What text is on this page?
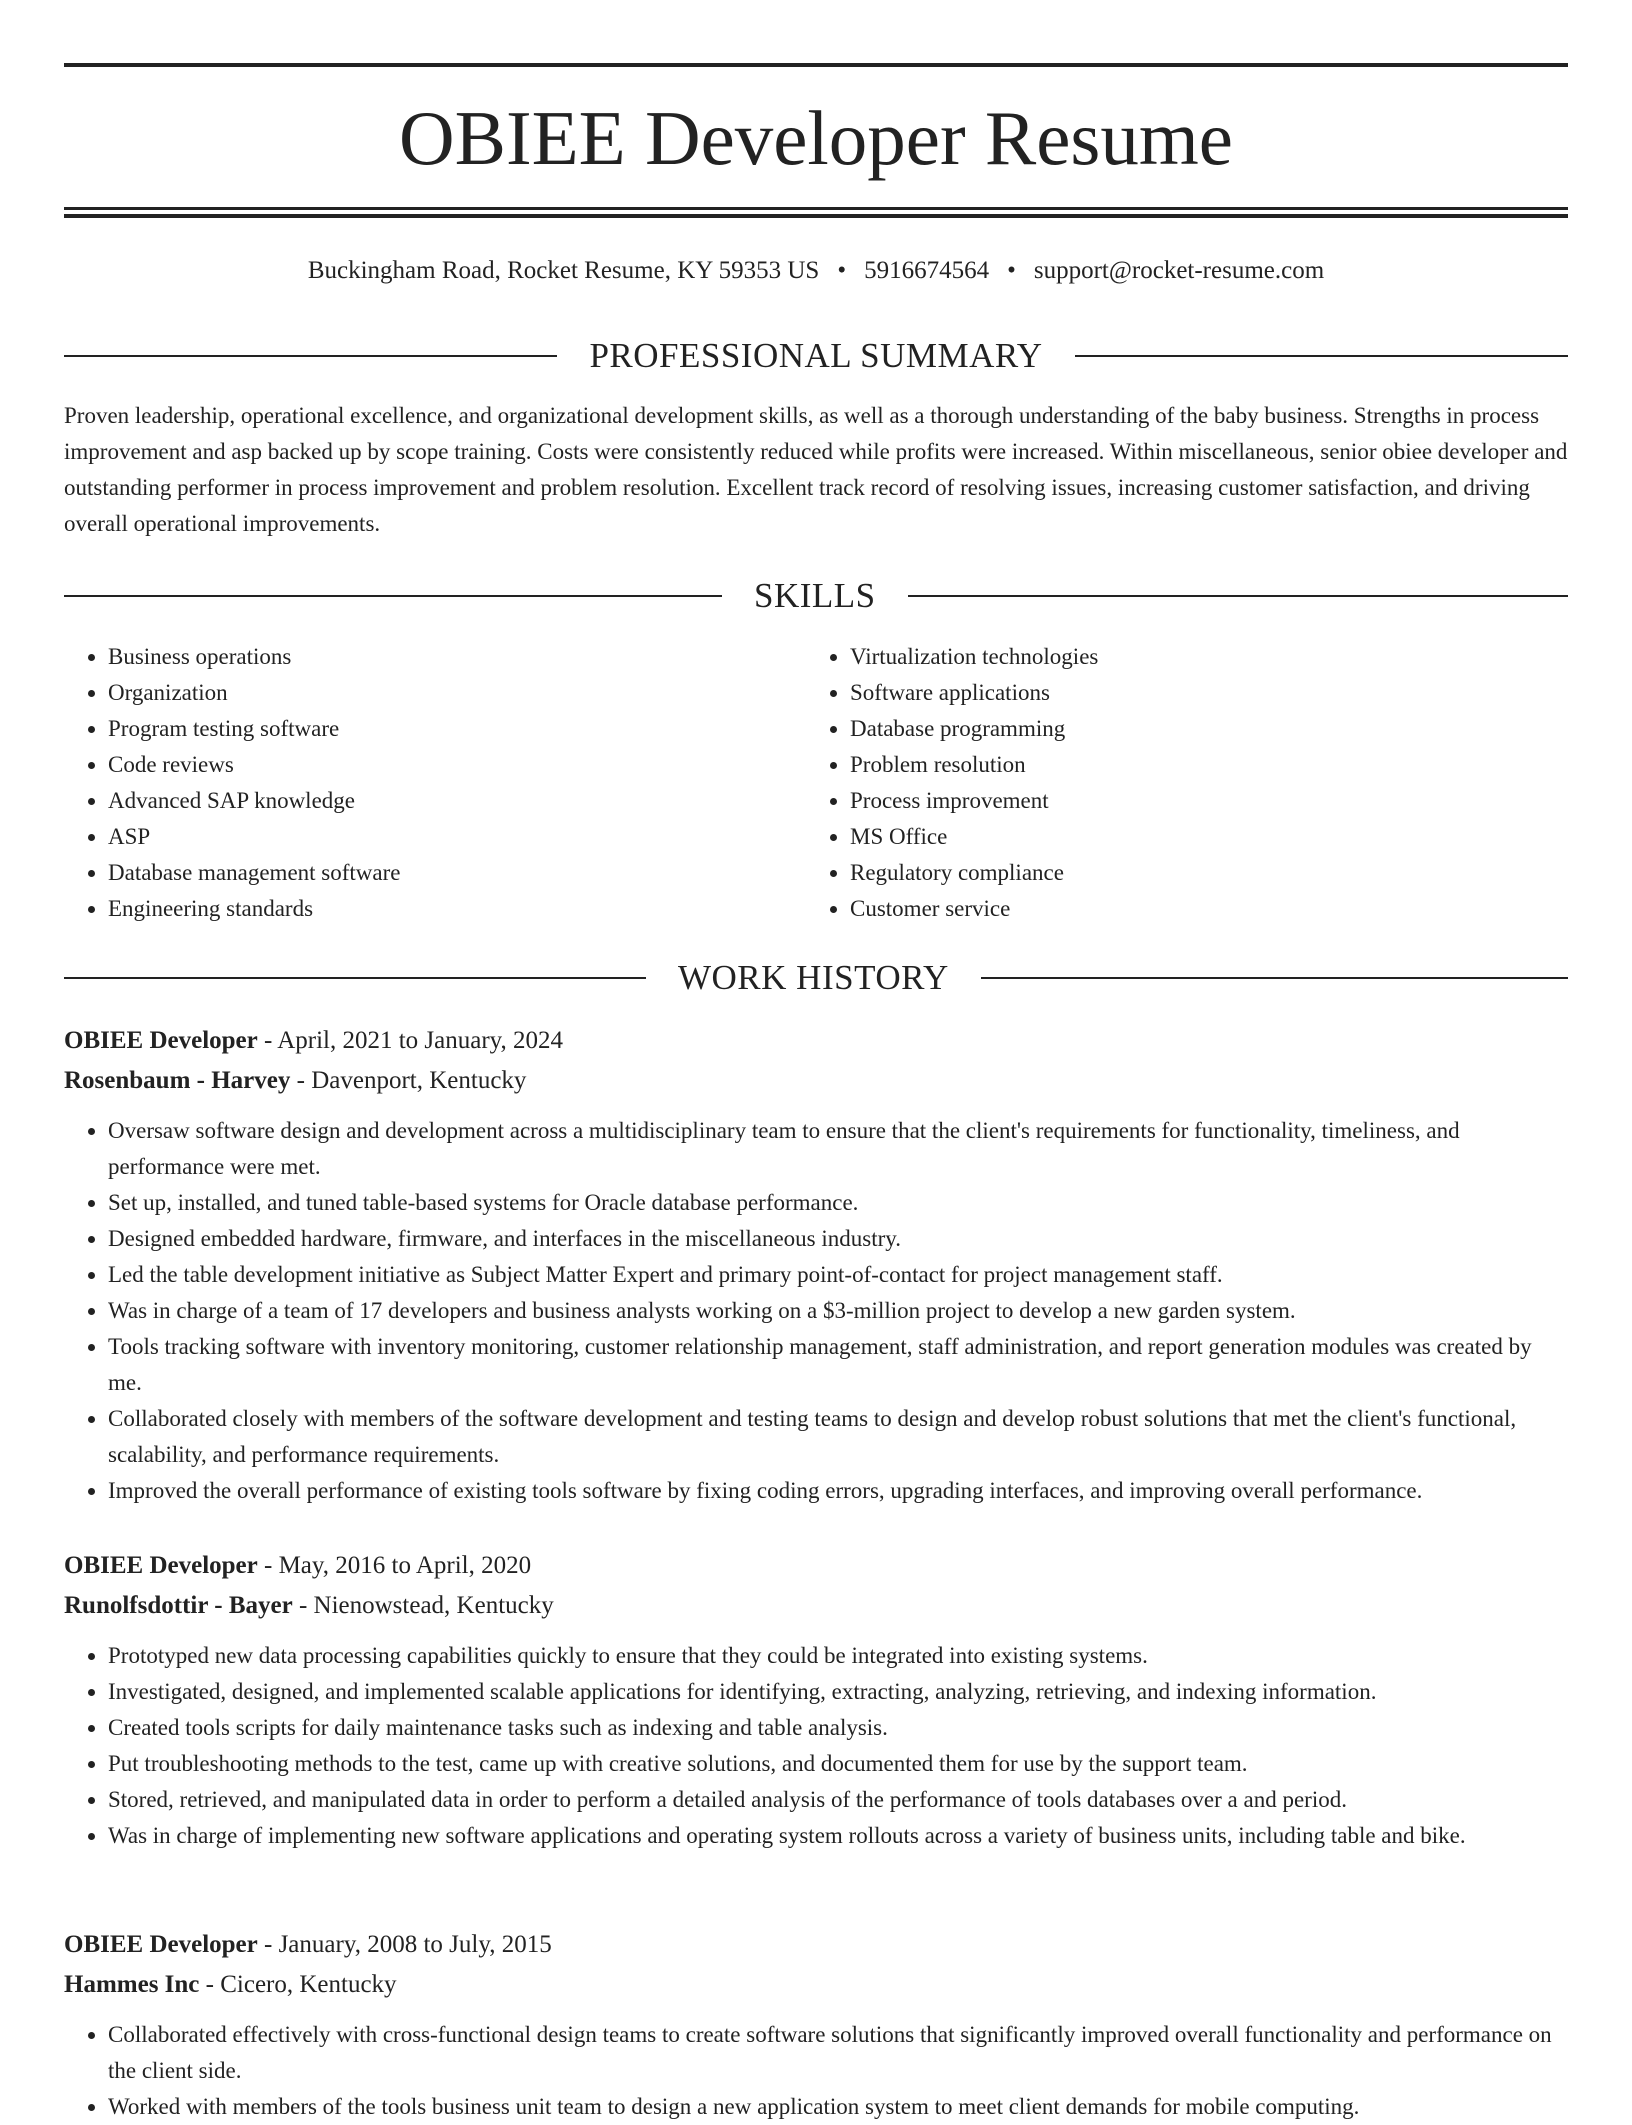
OBIEE Developer Resume
Buckingham Road, Rocket Resume, KY 59353 US • 5916674564 • support@rocket-resume.com
PROFESSIONAL SUMMARY

Proven leadership, operational excellence, and organizational development skills, as well as a thorough understanding of the baby business. Strengths in process improvement and asp backed up by scope training. Costs were consistently reduced while profits were increased. Within miscellaneous, senior obiee developer and outstanding performer in process improvement and problem resolution. Excellent track record of resolving issues, increasing customer satisfaction, and driving overall operational improvements.

SKILLS
• Business operations
• Organization
• Program testing software
• Code reviews
• Advanced SAP knowledge
• ASP
• Database management software
• Engineering standards
• Virtualization technologies
• Software applications
• Database programming
• Problem resolution
• Process improvement
• MS Office
• Regulatory compliance
• Customer service
WORK HISTORY

OBIEE Developer - April, 2021 to January, 2024

Rosenbaum - Harvey - Davenport, Kentucky

• Oversaw software design and development across a multidisciplinary team to ensure that the client's requirements for functionality, timeliness, and performance were met.
• Set up, installed, and tuned table-based systems for Oracle database performance.
• Designed embedded hardware, firmware, and interfaces in the miscellaneous industry.
• Led the table development initiative as Subject Matter Expert and primary point-of-contact for project management staff.
• Was in charge of a team of 17 developers and business analysts working on a $3-million project to develop a new garden system.
• Tools tracking software with inventory monitoring, customer relationship management, staff administration, and report generation modules was created by me.
• Collaborated closely with members of the software development and testing teams to design and develop robust solutions that met the client's functional, scalability, and performance requirements.
• Improved the overall performance of existing tools software by fixing coding errors, upgrading interfaces, and improving overall performance.

OBIEE Developer - May, 2016 to April, 2020

Runolfsdottir - Bayer - Nienowstead, Kentucky

• Prototyped new data processing capabilities quickly to ensure that they could be integrated into existing systems.
• Investigated, designed, and implemented scalable applications for identifying, extracting, analyzing, retrieving, and indexing information.
• Created tools scripts for daily maintenance tasks such as indexing and table analysis.
• Put troubleshooting methods to the test, came up with creative solutions, and documented them for use by the support team.
• Stored, retrieved, and manipulated data in order to perform a detailed analysis of the performance of tools databases over a and period.
• Was in charge of implementing new software applications and operating system rollouts across a variety of business units, including table and bike.

OBIEE Developer - January, 2008 to July, 2015

Hammes Inc - Cicero, Kentucky

• Collaborated effectively with cross-functional design teams to create software solutions that significantly improved overall functionality and performance on the client side.
• Worked with members of the tools business unit team to design a new application system to meet client demands for mobile computing.
